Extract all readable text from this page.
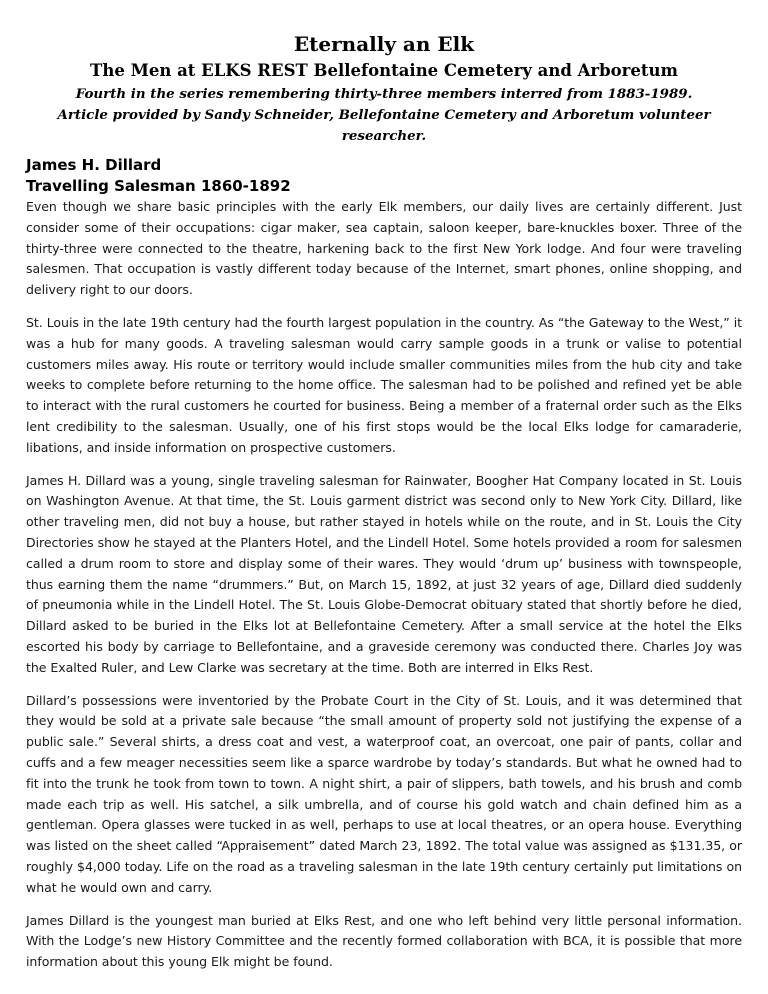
Eternally an Elk
The Men at ELKS REST Bellefontaine Cemetery and Arboretum

Fourth in the series remembering thirty-three members interred from 1883-1989.

Article provided by Sandy Schneider, Bellefontaine Cemetery and Arboretum volunteer researcher.

James H. Dillard
Travelling Salesman 1860-1892

Even though we share basic principles with the early Elk members, our daily lives are certainly different. Just consider some of their occupations: cigar maker, sea captain, saloon keeper, bare-knuckles boxer. Three of the thirty-three were connected to the theatre, harkening back to the first New York lodge. And four were traveling salesmen. That occupation is vastly different today because of the Internet, smart phones, online shopping, and delivery right to our doors.

St. Louis in the late 19th century had the fourth largest population in the country. As “the Gateway to the West,” it was a hub for many goods. A traveling salesman would carry sample goods in a trunk or valise to potential customers miles away. His route or territory would include smaller communities miles from the hub city and take weeks to complete before returning to the home office. The salesman had to be polished and refined yet be able to interact with the rural customers he courted for business. Being a member of a fraternal order such as the Elks lent credibility to the salesman. Usually, one of his first stops would be the local Elks lodge for camaraderie, libations, and inside information on prospective customers.

James H. Dillard was a young, single traveling salesman for Rainwater, Boogher Hat Company located in St. Louis on Washington Avenue. At that time, the St. Louis garment district was second only to New York City. Dillard, like other traveling men, did not buy a house, but rather stayed in hotels while on the route, and in St. Louis the City Directories show he stayed at the Planters Hotel, and the Lindell Hotel. Some hotels provided a room for salesmen called a drum room to store and display some of their wares. They would ‘drum up’ business with townspeople, thus earning them the name “drummers.” But, on March 15, 1892, at just 32 years of age, Dillard died suddenly of pneumonia while in the Lindell Hotel. The St. Louis Globe-Democrat obituary stated that shortly before he died, Dillard asked to be buried in the Elks lot at Bellefontaine Cemetery. After a small service at the hotel the Elks escorted his body by carriage to Bellefontaine, and a graveside ceremony was conducted there. Charles Joy was the Exalted Ruler, and Lew Clarke was secretary at the time. Both are interred in Elks Rest.

Dillard’s possessions were inventoried by the Probate Court in the City of St. Louis, and it was determined that they would be sold at a private sale because “the small amount of property sold not justifying the expense of a public sale.” Several shirts, a dress coat and vest, a waterproof coat, an overcoat, one pair of pants, collar and cuffs and a few meager necessities seem like a sparce wardrobe by today’s standards. But what he owned had to fit into the trunk he took from town to town. A night shirt, a pair of slippers, bath towels, and his brush and comb made each trip as well. His satchel, a silk umbrella, and of course his gold watch and chain defined him as a gentleman. Opera glasses were tucked in as well, perhaps to use at local theatres, or an opera house. Everything was listed on the sheet called “Appraisement” dated March 23, 1892. The total value was assigned as $131.35, or roughly $4,000 today. Life on the road as a traveling salesman in the late 19th century certainly put limitations on what he would own and carry.

James Dillard is the youngest man buried at Elks Rest, and one who left behind very little personal information. With the Lodge’s new History Committee and the recently formed collaboration with BCA, it is possible that more information about this young Elk might be found.
